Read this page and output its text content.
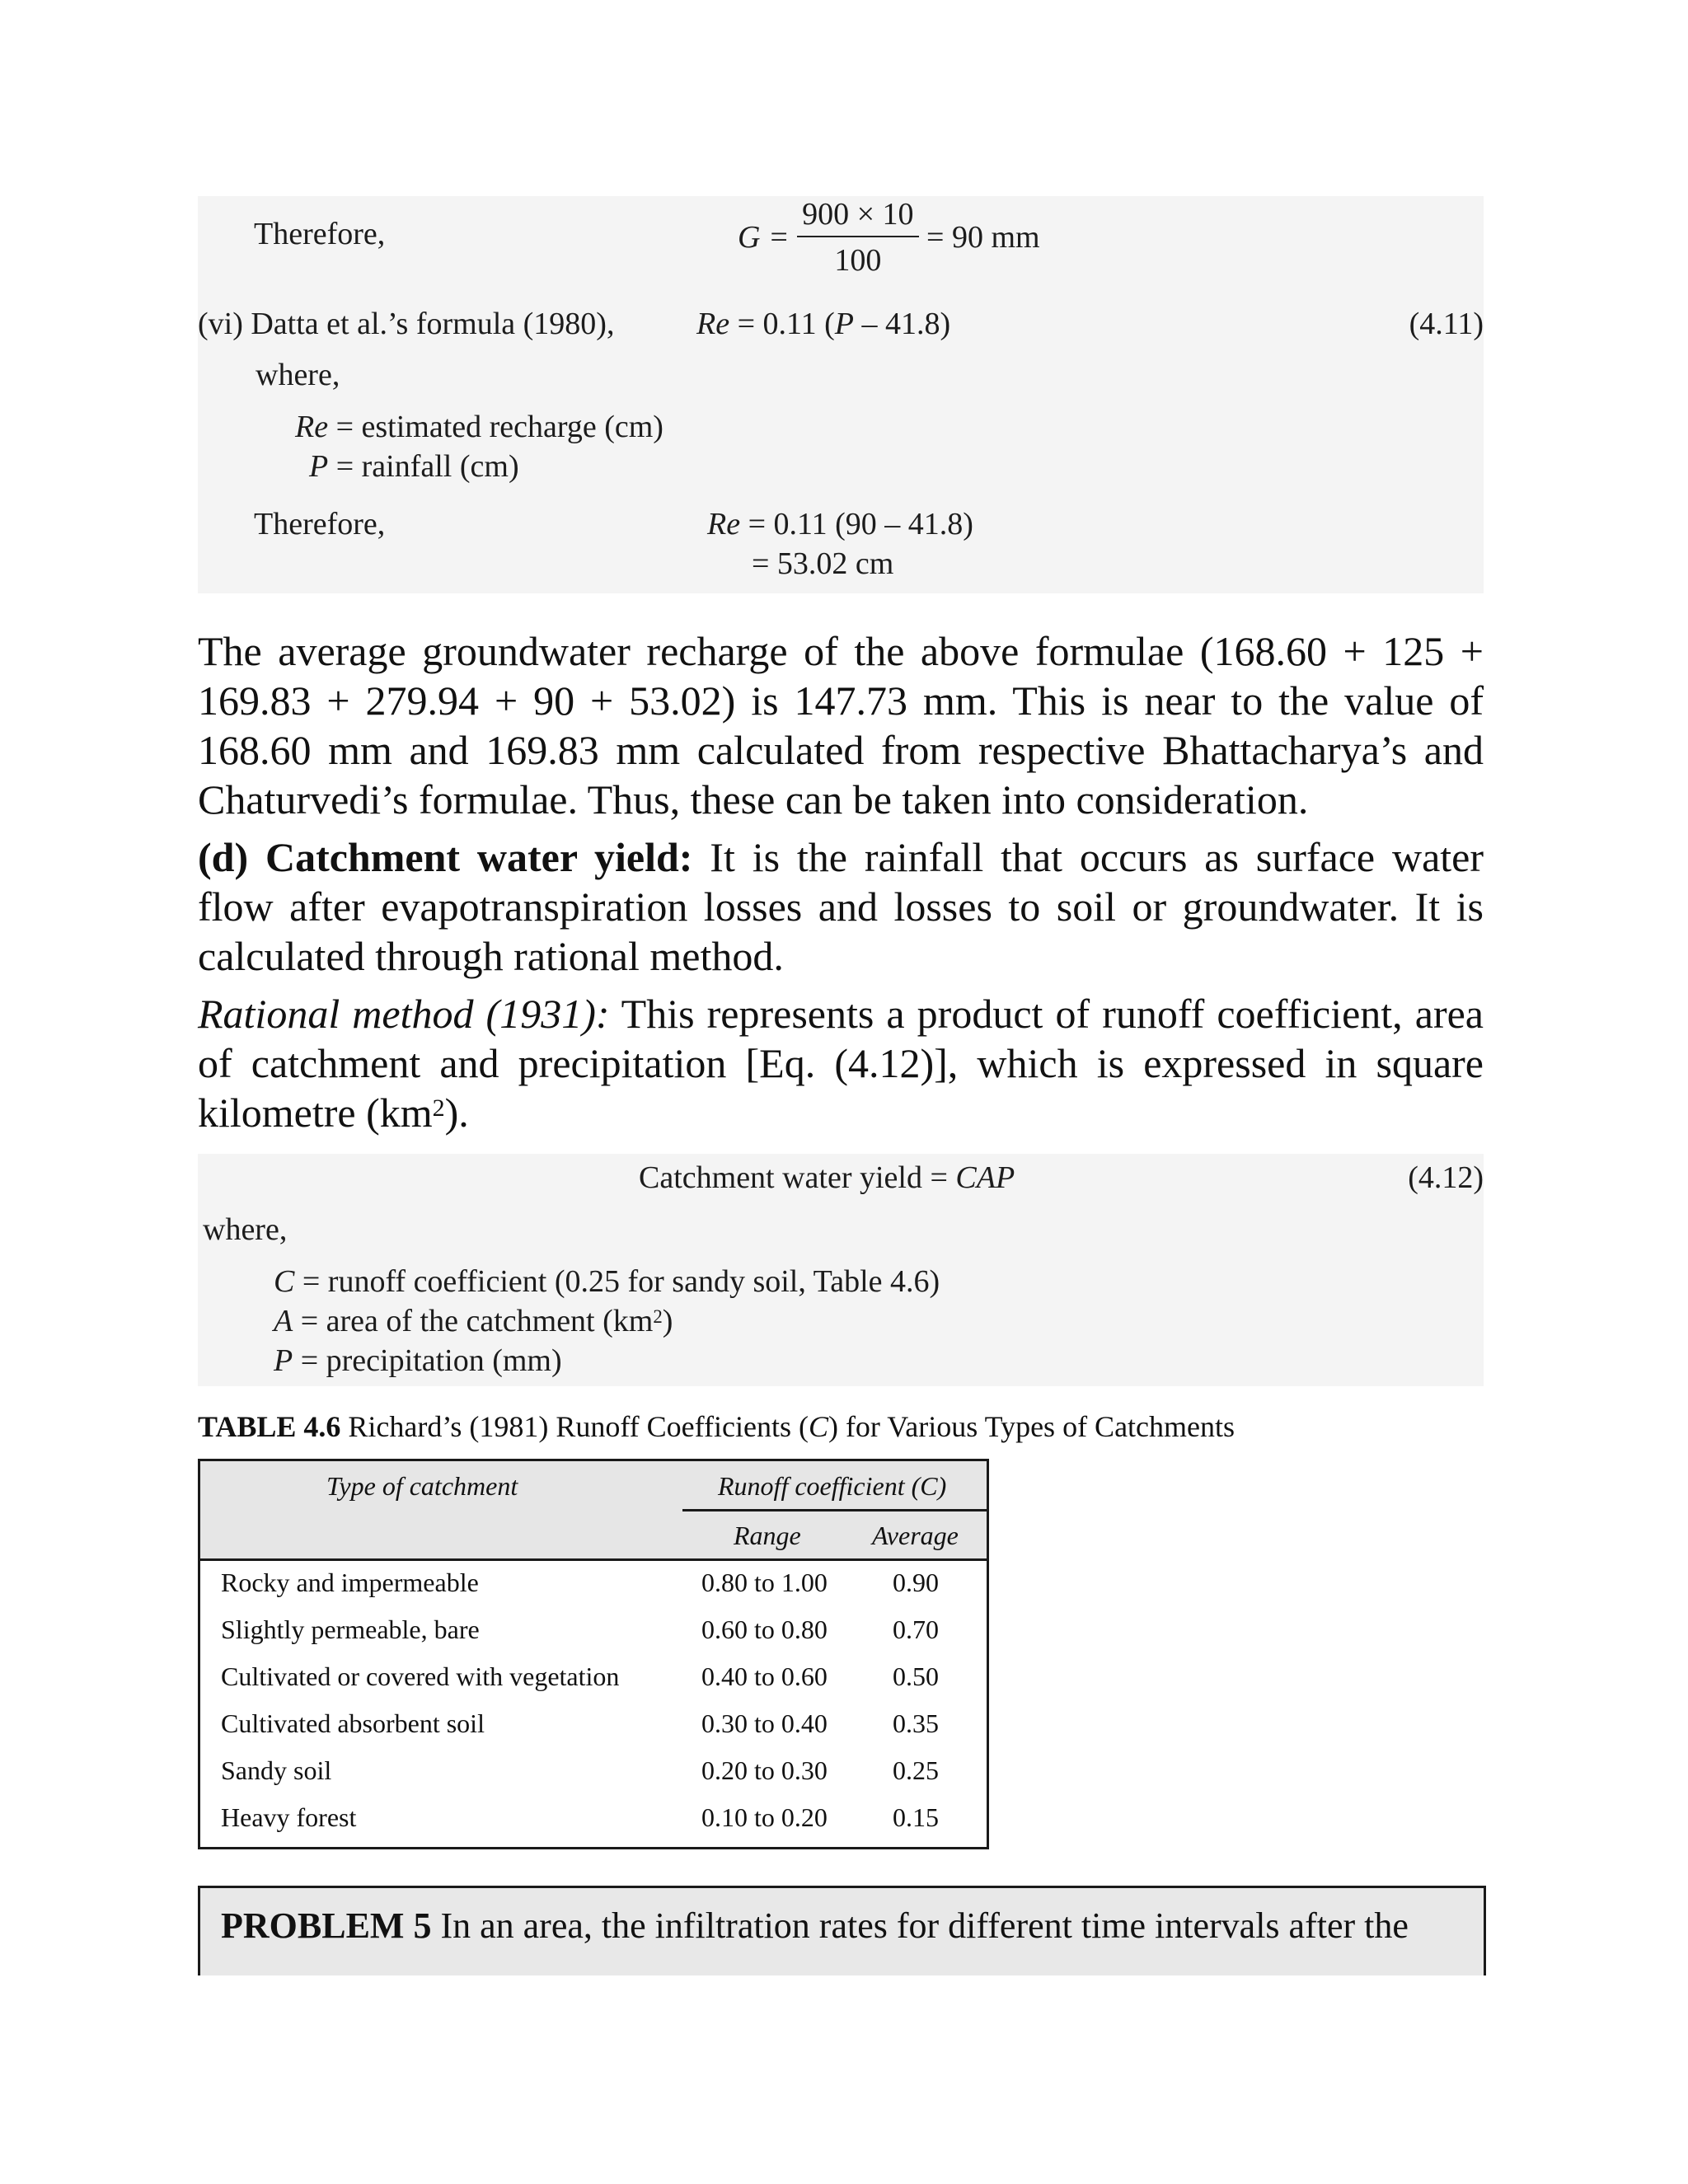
Therefore,	$G = \frac{900 \times 10}{100} = 90$ mm
(vi) Datta et al.’s formula (1980),	Re = 0.11 (P – 41.8)	(4.11)
where,
Re = estimated recharge (cm)
P = rainfall (cm)
Therefore,	Re = 0.11 (90 – 41.8)
= 53.02 cm
The average groundwater recharge of the above formulae (168.60 + 125 +
169.83 + 279.94 + 90 + 53.02) is 147.73 mm. This is near to the value of
168.60 mm and 169.83 mm calculated from respective Bhattacharya’s and
Chaturvedi’s formulae. Thus, these can be taken into consideration.
(d) Catchment water yield: It is the rainfall that occurs as surface water
flow after evapotranspiration losses and losses to soil or groundwater. It is
calculated through rational method.
Rational method (1931): This represents a product of runoff coefficient, area
of catchment and precipitation [Eq. (4.12)], which is expressed in square
kilometre $(km^2)$.
Catchment water yield = CAP	(4.12)
where,
C = runoff coefficient (0.25 for sandy soil, Table 4.6)
A = area of the catchment $(km^2)$
P = precipitation (mm)
TABLE 4.6 Richard’s (1981) Runoff Coefficients (C) for Various Types of Catchments
Type of catchment	Runoff coefficient (C)
Range	Average
Rocky and impermeable	0.80 to 1.00 0.90
Slightly permeable, bare	0.60 to 0.80 0.70
Cultivated or covered with vegetation	0.40 to 0.60 0.50
Cultivated absorbent soil	0.30 to 0.40 0.35
Sandy soil	0.20 to 0.30 0.25
Heavy forest	0.10 to 0.20 0.15
PROBLEM 5 In an area, the infiltration rates for different time intervals after the
